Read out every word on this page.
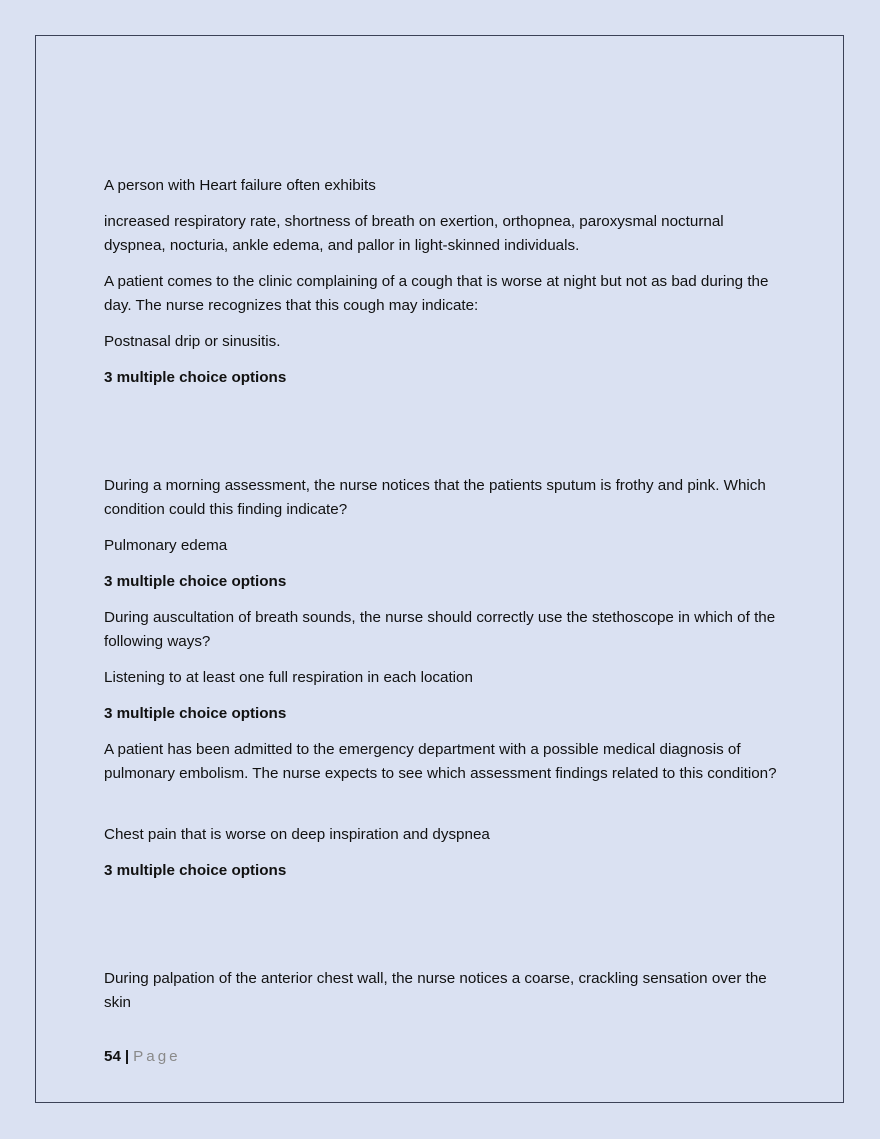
A person with Heart failure often exhibits

increased respiratory rate, shortness of breath on exertion, orthopnea, paroxysmal nocturnal dyspnea, nocturia, ankle edema, and pallor in light-skinned individuals.

A patient comes to the clinic complaining of a cough that is worse at night but not as bad during the day. The nurse recognizes that this cough may indicate:

Postnasal drip or sinusitis.

3 multiple choice options

During a morning assessment, the nurse notices that the patients sputum is frothy and pink. Which condition could this finding indicate?

Pulmonary edema

3 multiple choice options

During auscultation of breath sounds, the nurse should correctly use the stethoscope in which of the following ways?

Listening to at least one full respiration in each location

3 multiple choice options

A patient has been admitted to the emergency department with a possible medical diagnosis of pulmonary embolism. The nurse expects to see which assessment findings related to this condition?

Chest pain that is worse on deep inspiration and dyspnea

3 multiple choice options

During palpation of the anterior chest wall, the nurse notices a coarse, crackling sensation over the skin

54 | Page
